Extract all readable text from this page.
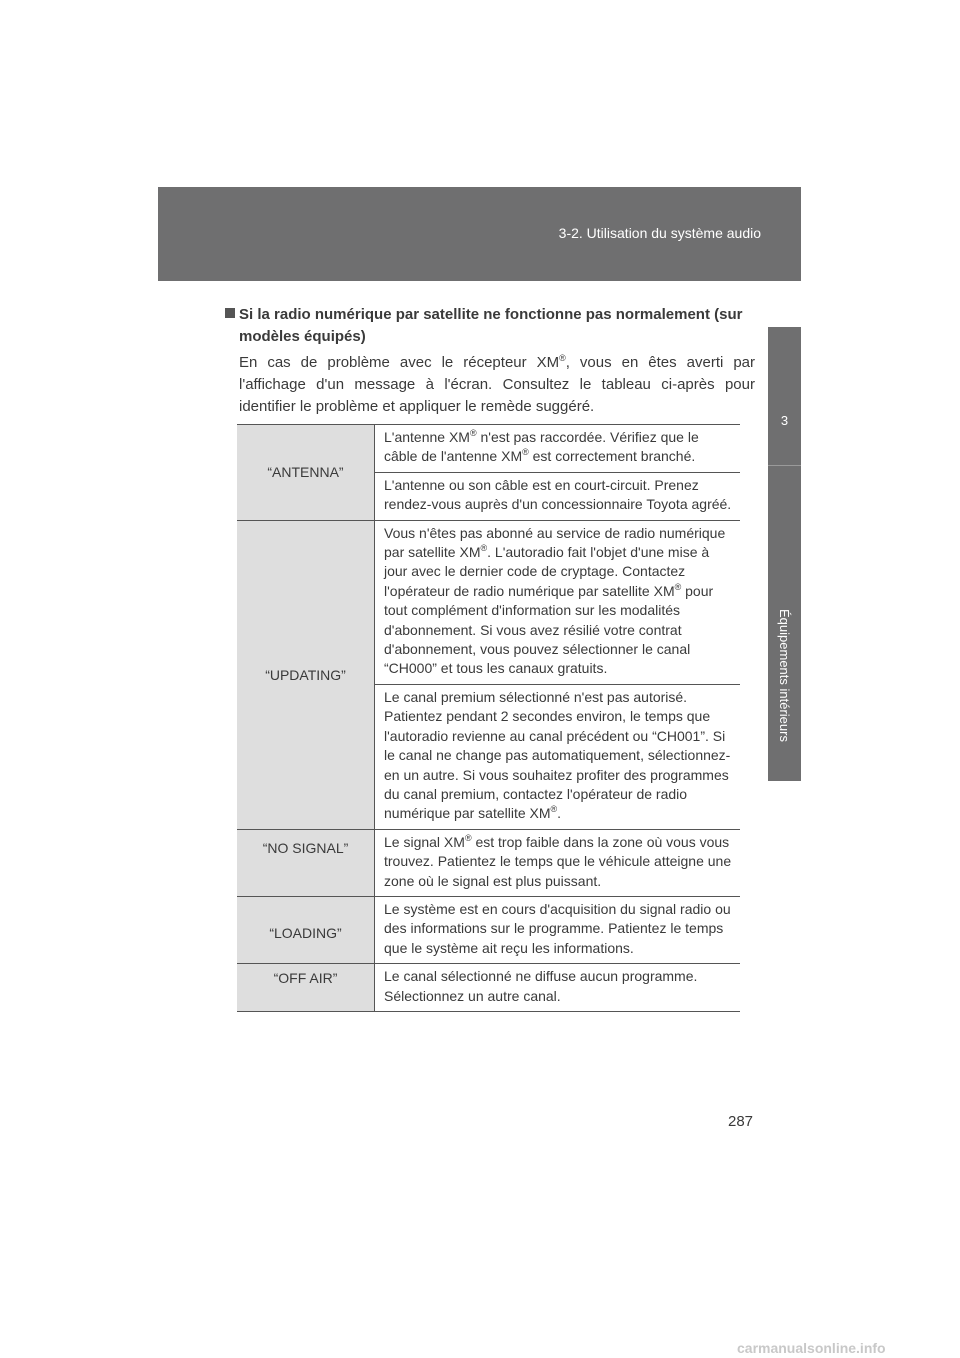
3-2. Utilisation du système audio
3
Équipements intérieurs
Si la radio numérique par satellite ne fonctionne pas normalement (sur
modèles équipés)

En cas de problème avec le récepteur XM®, vous en êtes averti par l'affichage d'un message à l'écran. Consultez le tableau ci-après pour identifier le problème et appliquer le remède suggéré.

“ANTENNA”
L'antenne XM® n'est pas raccordée. Vérifiez que le câble de l'antenne XM® est correctement branché.
L'antenne ou son câble est en court-circuit. Prenez rendez-vous auprès d'un concessionnaire Toyota agréé.
“UPDATING”
Vous n'êtes pas abonné au service de radio numérique par satellite XM®. L'autoradio fait l'objet d'une mise à jour avec le dernier code de cryptage. Contactez l'opérateur de radio numérique par satellite XM® pour tout complément d'information sur les modalités d'abonnement. Si vous avez résilié votre contrat d'abonnement, vous pouvez sélectionner le canal “CH000” et tous les canaux gratuits.
Le canal premium sélectionné n'est pas autorisé. Patientez pendant 2 secondes environ, le temps que l'autoradio revienne au canal précédent ou “CH001”. Si le canal ne change pas automatiquement, sélectionnez-en un autre. Si vous souhaitez profiter des programmes du canal premium, contactez l'opérateur de radio numérique par satellite XM®.
“NO SIGNAL”	Le signal XM® est trop faible dans la zone où vous vous trouvez. Patientez le temps que le véhicule atteigne une zone où le signal est plus puissant.
“LOADING”
Le système est en cours d'acquisition du signal radio ou des informations sur le programme. Patientez le temps que le système ait reçu les informations.
“OFF AIR”	Le canal sélectionné ne diffuse aucun programme. Sélectionnez un autre canal.
287
carmanualsonline.info
